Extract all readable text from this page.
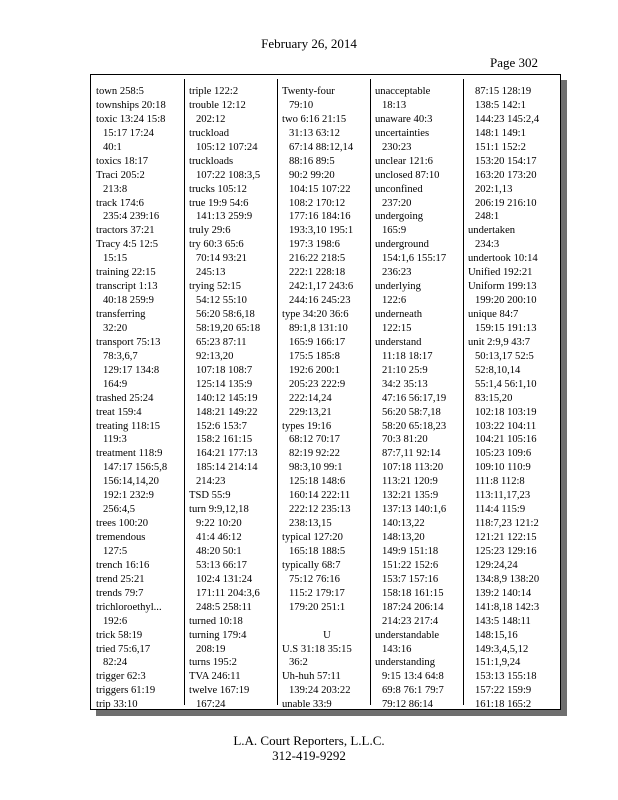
February 26, 2014
Page 302
town 258:5
townships 20:18
toxic 13:24 15:8
15:17 17:24
40:1
toxics 18:17
Traci 205:2
213:8
track 174:6
235:4 239:16
tractors 37:21
Tracy 4:5 12:5
15:15
training 22:15
transcript 1:13
40:18 259:9
transferring
32:20
transport 75:13
78:3,6,7
129:17 134:8
164:9
trashed 25:24
treat 159:4
treating 118:15
119:3
treatment 118:9
147:17 156:5,8
156:14,14,20
192:1 232:9
256:4,5
trees 100:20
tremendous
127:5
trench 16:16
trend 25:21
trends 79:7
trichloroethyl...
192:6
trick 58:19
tried 75:6,17
82:24
trigger 62:3
triggers 61:19
trip 33:10
triple 122:2
trouble 12:12
202:12
truckload
105:12 107:24
truckloads
107:22 108:3,5
trucks 105:12
true 19:9 54:6
141:13 259:9
truly 29:6
try 60:3 65:6
70:14 93:21
245:13
trying 52:15
54:12 55:10
56:20 58:6,18
58:19,20 65:18
65:23 87:11
92:13,20
107:18 108:7
125:14 135:9
140:12 145:19
148:21 149:22
152:6 153:7
158:2 161:15
164:21 177:13
185:14 214:14
214:23
TSD 55:9
turn 9:9,12,18
9:22 10:20
41:4 46:12
48:20 50:1
53:13 66:17
102:4 131:24
171:11 204:3,6
248:5 258:11
turned 10:18
turning 179:4
208:19
turns 195:2
TVA 246:11
twelve 167:19
167:24
Twenty-four
79:10
two 6:16 21:15
31:13 63:12
67:14 88:12,14
88:16 89:5
90:2 99:20
104:15 107:22
108:2 170:12
177:16 184:16
193:3,10 195:1
197:3 198:6
216:22 218:5
222:1 228:18
242:1,17 243:6
244:16 245:23
type 34:20 36:6
89:1,8 131:10
165:9 166:17
175:5 185:8
192:6 200:1
205:23 222:9
222:14,24
229:13,21
types 19:16
68:12 70:17
82:19 92:22
98:3,10 99:1
125:18 148:6
160:14 222:11
222:12 235:13
238:13,15
typical 127:20
165:18 188:5
typically 68:7
75:12 76:16
115:2 179:17
179:20 251:1
U
U.S 31:18 35:15
36:2
Uh-huh 57:11
139:24 203:22
unable 33:9
unacceptable
18:13
unaware 40:3
uncertainties
230:23
unclear 121:6
unclosed 87:10
unconfined
237:20
undergoing
165:9
underground
154:1,6 155:17
236:23
underlying
122:6
underneath
122:15
understand
11:18 18:17
21:10 25:9
34:2 35:13
47:16 56:17,19
56:20 58:7,18
58:20 65:18,23
70:3 81:20
87:7,11 92:14
107:18 113:20
113:21 120:9
132:21 135:9
137:13 140:1,6
140:13,22
148:13,20
149:9 151:18
151:22 152:6
153:7 157:16
158:18 161:15
187:24 206:14
214:23 217:4
understandable
143:16
understanding
9:15 13:4 64:8
69:8 76:1 79:7
79:12 86:14
87:15 128:19
138:5 142:1
144:23 145:2,4
148:1 149:1
151:1 152:2
153:20 154:17
163:20 173:20
202:1,13
206:19 216:10
248:1
undertaken
234:3
undertook 10:14
Unified 192:21
Uniform 199:13
199:20 200:10
unique 84:7
159:15 191:13
unit 2:9,9 43:7
50:13,17 52:5
52:8,10,14
55:1,4 56:1,10
83:15,20
102:18 103:19
103:22 104:11
104:21 105:16
105:23 109:6
109:10 110:9
111:8 112:8
113:11,17,23
114:4 115:9
118:7,23 121:2
121:21 122:15
125:23 129:16
129:24,24
134:8,9 138:20
139:2 140:14
141:8,18 142:3
143:5 148:11
148:15,16
149:3,4,5,12
151:1,9,24
153:13 155:18
157:22 159:9
161:18 165:2
L.A. Court Reporters, L.L.C.
312-419-9292
